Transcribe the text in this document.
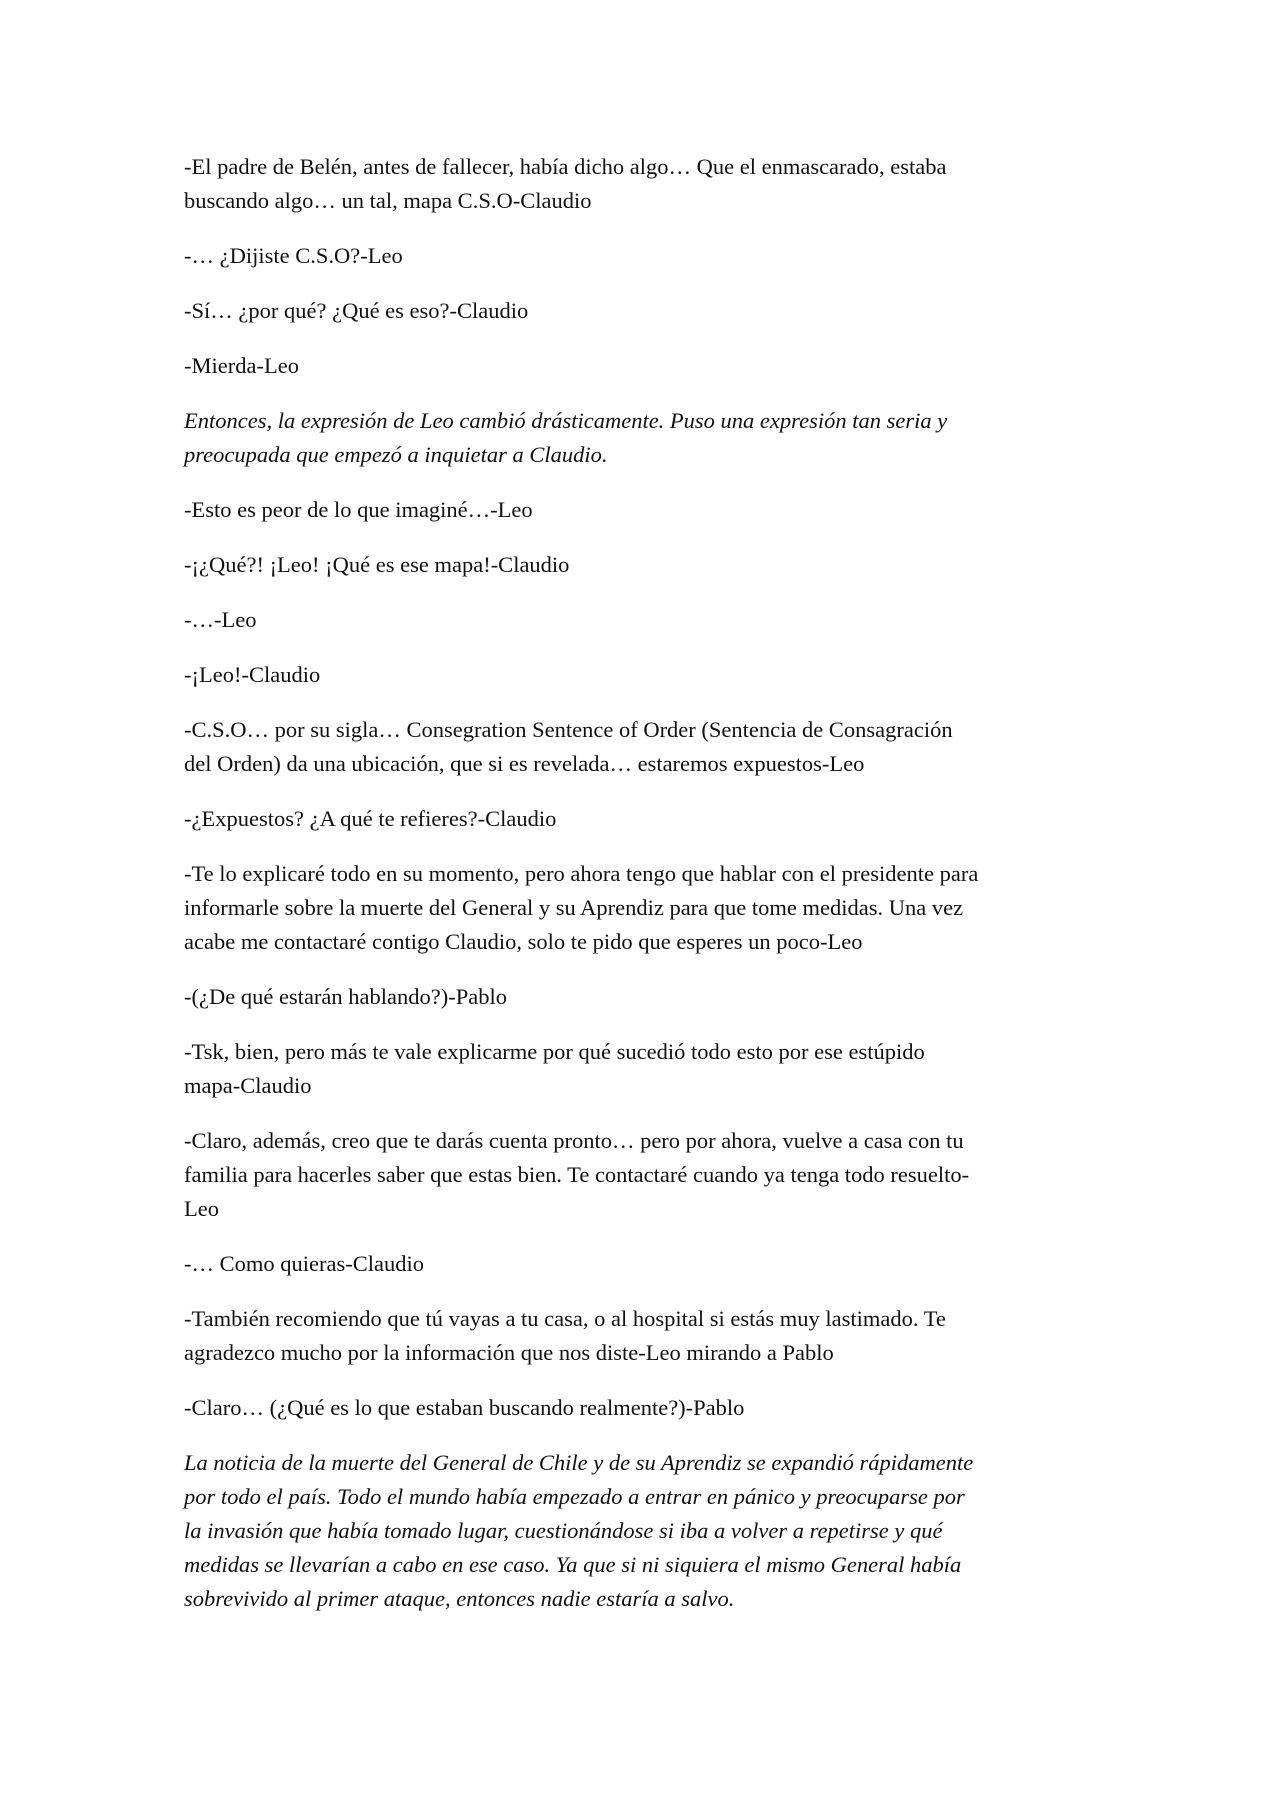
-El padre de Belén, antes de fallecer, había dicho algo… Que el enmascarado, estaba
buscando algo… un tal, mapa C.S.O-Claudio

-… ¿Dijiste C.S.O?-Leo

-Sí… ¿por qué? ¿Qué es eso?-Claudio

-Mierda-Leo

Entonces, la expresión de Leo cambió drásticamente. Puso una expresión tan seria y
preocupada que empezó a inquietar a Claudio.

-Esto es peor de lo que imaginé…-Leo

-¡¿Qué?! ¡Leo! ¡Qué es ese mapa!-Claudio

-…-Leo

-¡Leo!-Claudio

-C.S.O… por su sigla… Consegration Sentence of Order (Sentencia de Consagración
del Orden) da una ubicación, que si es revelada… estaremos expuestos-Leo

-¿Expuestos? ¿A qué te refieres?-Claudio

-Te lo explicaré todo en su momento, pero ahora tengo que hablar con el presidente para
informarle sobre la muerte del General y su Aprendiz para que tome medidas. Una vez
acabe me contactaré contigo Claudio, solo te pido que esperes un poco-Leo

-(¿De qué estarán hablando?)-Pablo

-Tsk, bien, pero más te vale explicarme por qué sucedió todo esto por ese estúpido
mapa-Claudio

-Claro, además, creo que te darás cuenta pronto… pero por ahora, vuelve a casa con tu
familia para hacerles saber que estas bien. Te contactaré cuando ya tenga todo resuelto-
Leo

-… Como quieras-Claudio

-También recomiendo que tú vayas a tu casa, o al hospital si estás muy lastimado. Te
agradezco mucho por la información que nos diste-Leo mirando a Pablo

-Claro… (¿Qué es lo que estaban buscando realmente?)-Pablo

La noticia de la muerte del General de Chile y de su Aprendiz se expandió rápidamente
por todo el país. Todo el mundo había empezado a entrar en pánico y preocuparse por
la invasión que había tomado lugar, cuestionándose si iba a volver a repetirse y qué
medidas se llevarían a cabo en ese caso. Ya que si ni siquiera el mismo General había
sobrevivido al primer ataque, entonces nadie estaría a salvo.
